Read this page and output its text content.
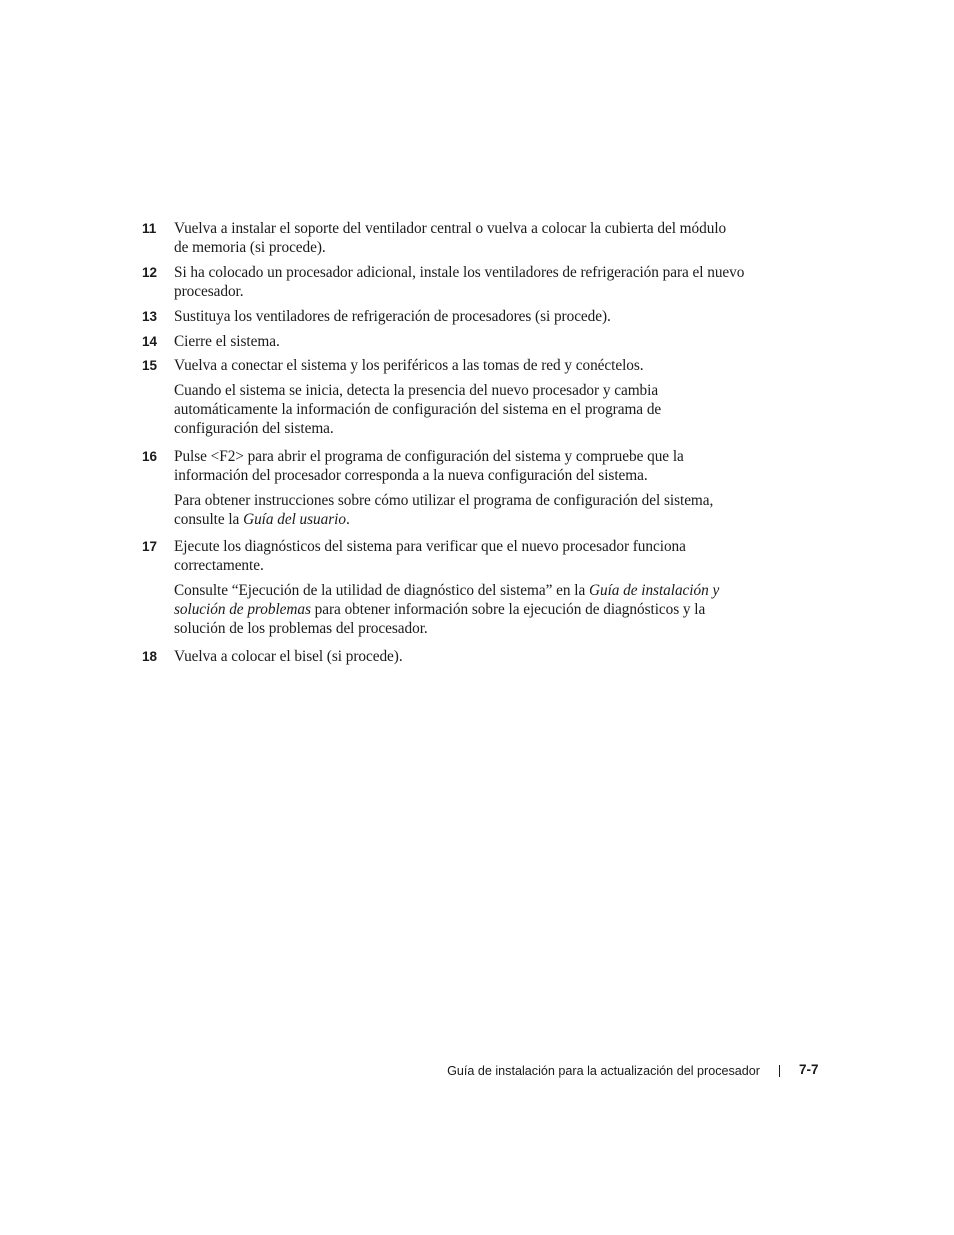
11 Vuelva a instalar el soporte del ventilador central o vuelva a colocar la cubierta del módulo
de memoria (si procede).
12 Si ha colocado un procesador adicional, instale los ventiladores de refrigeración para el nuevo
procesador.
13 Sustituya los ventiladores de refrigeración de procesadores (si procede).
14 Cierre el sistema.
15 Vuelva a conectar el sistema y los periféricos a las tomas de red y conéctelos.
Cuando el sistema se inicia, detecta la presencia del nuevo procesador y cambia
automáticamente la información de configuración del sistema en el programa de
configuración del sistema.
16 Pulse <F2> para abrir el programa de configuración del sistema y compruebe que la
información del procesador corresponda a la nueva configuración del sistema.
Para obtener instrucciones sobre cómo utilizar el programa de configuración del sistema,
consulte la Guía del usuario.
17 Ejecute los diagnósticos del sistema para verificar que el nuevo procesador funciona
correctamente.
Consulte “Ejecución de la utilidad de diagnóstico del sistema” en la Guía de instalación y
solución de problemas para obtener información sobre la ejecución de diagnósticos y la
solución de los problemas del procesador.
18 Vuelva a colocar el bisel (si procede).
Guía de instalación para la actualización del procesador	7-7
